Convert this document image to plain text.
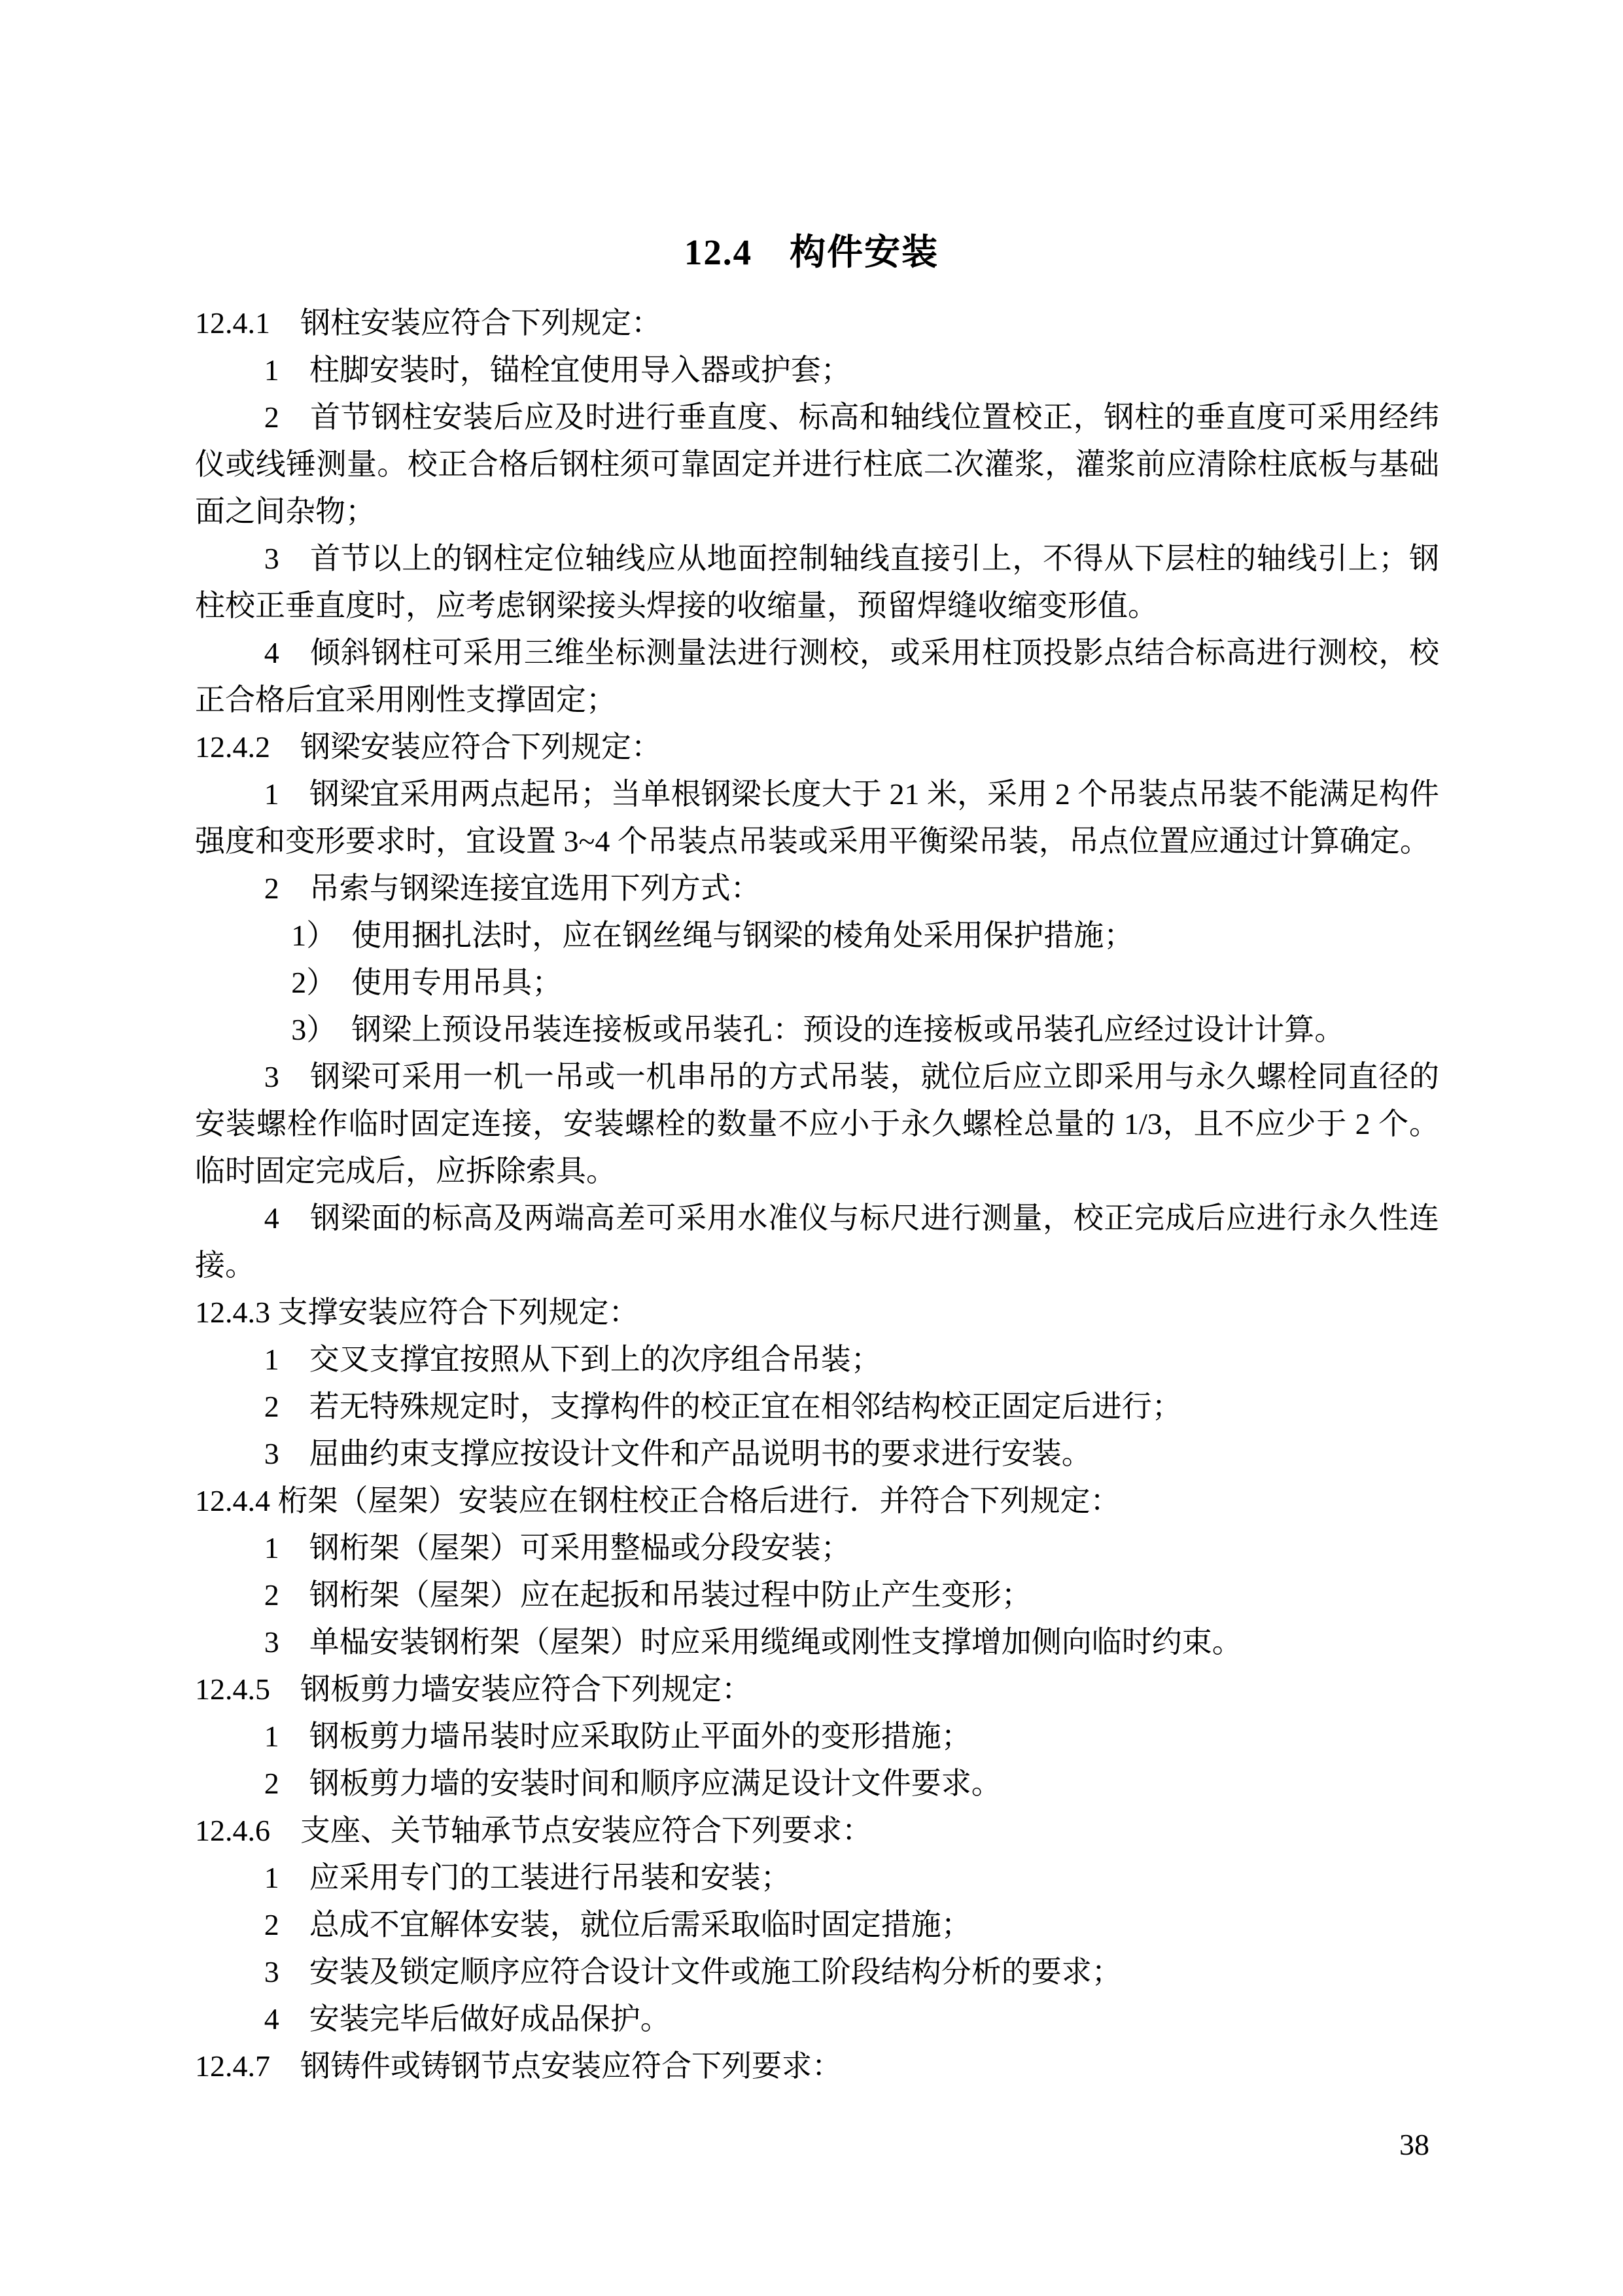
12.4　构件安装

12.4.1　钢柱安装应符合下列规定：

1　柱脚安装时，锚栓宜使用导入器或护套；

2　首节钢柱安装后应及时进行垂直度、标高和轴线位置校正，钢柱的垂直度可采用经纬仪或线锤测量。校正合格后钢柱须可靠固定并进行柱底二次灌浆，灌浆前应清除柱底板与基础面之间杂物；

3　首节以上的钢柱定位轴线应从地面控制轴线直接引上，不得从下层柱的轴线引上；钢柱校正垂直度时，应考虑钢梁接头焊接的收缩量，预留焊缝收缩变形值。

4　倾斜钢柱可采用三维坐标测量法进行测校，或采用柱顶投影点结合标高进行测校，校正合格后宜采用刚性支撑固定；

12.4.2　钢梁安装应符合下列规定：

1　钢梁宜采用两点起吊；当单根钢梁长度大于 21 米，采用 2 个吊装点吊装不能满足构件强度和变形要求时，宜设置 3~4 个吊装点吊装或采用平衡梁吊装，吊点位置应通过计算确定。

2　吊索与钢梁连接宜选用下列方式：

1）　使用捆扎法时，应在钢丝绳与钢梁的棱角处采用保护措施；

2）　使用专用吊具；

3）　钢梁上预设吊装连接板或吊装孔：预设的连接板或吊装孔应经过设计计算。

3　钢梁可采用一机一吊或一机串吊的方式吊装，就位后应立即采用与永久螺栓同直径的安装螺栓作临时固定连接，安装螺栓的数量不应小于永久螺栓总量的 1/3，且不应少于 2 个。临时固定完成后，应拆除索具。

4　钢梁面的标高及两端高差可采用水准仪与标尺进行测量，校正完成后应进行永久性连接。

12.4.3 支撑安装应符合下列规定：

1　交叉支撑宜按照从下到上的次序组合吊装；

2　若无特殊规定时，支撑构件的校正宜在相邻结构校正固定后进行；

3　屈曲约束支撑应按设计文件和产品说明书的要求进行安装。

12.4.4 桁架（屋架）安装应在钢柱校正合格后进行．并符合下列规定：

1　钢桁架（屋架）可采用整榀或分段安装；

2　钢桁架（屋架）应在起扳和吊装过程中防止产生变形；

3　单榀安装钢桁架（屋架）时应采用缆绳或刚性支撑增加侧向临时约束。

12.4.5　钢板剪力墙安装应符合下列规定：

1　钢板剪力墙吊装时应采取防止平面外的变形措施；

2　钢板剪力墙的安装时间和顺序应满足设计文件要求。

12.4.6　支座、关节轴承节点安装应符合下列要求：

1　应采用专门的工装进行吊装和安装；

2　总成不宜解体安装，就位后需采取临时固定措施；

3　安装及锁定顺序应符合设计文件或施工阶段结构分析的要求；

4　安装完毕后做好成品保护。

12.4.7　钢铸件或铸钢节点安装应符合下列要求：

38
